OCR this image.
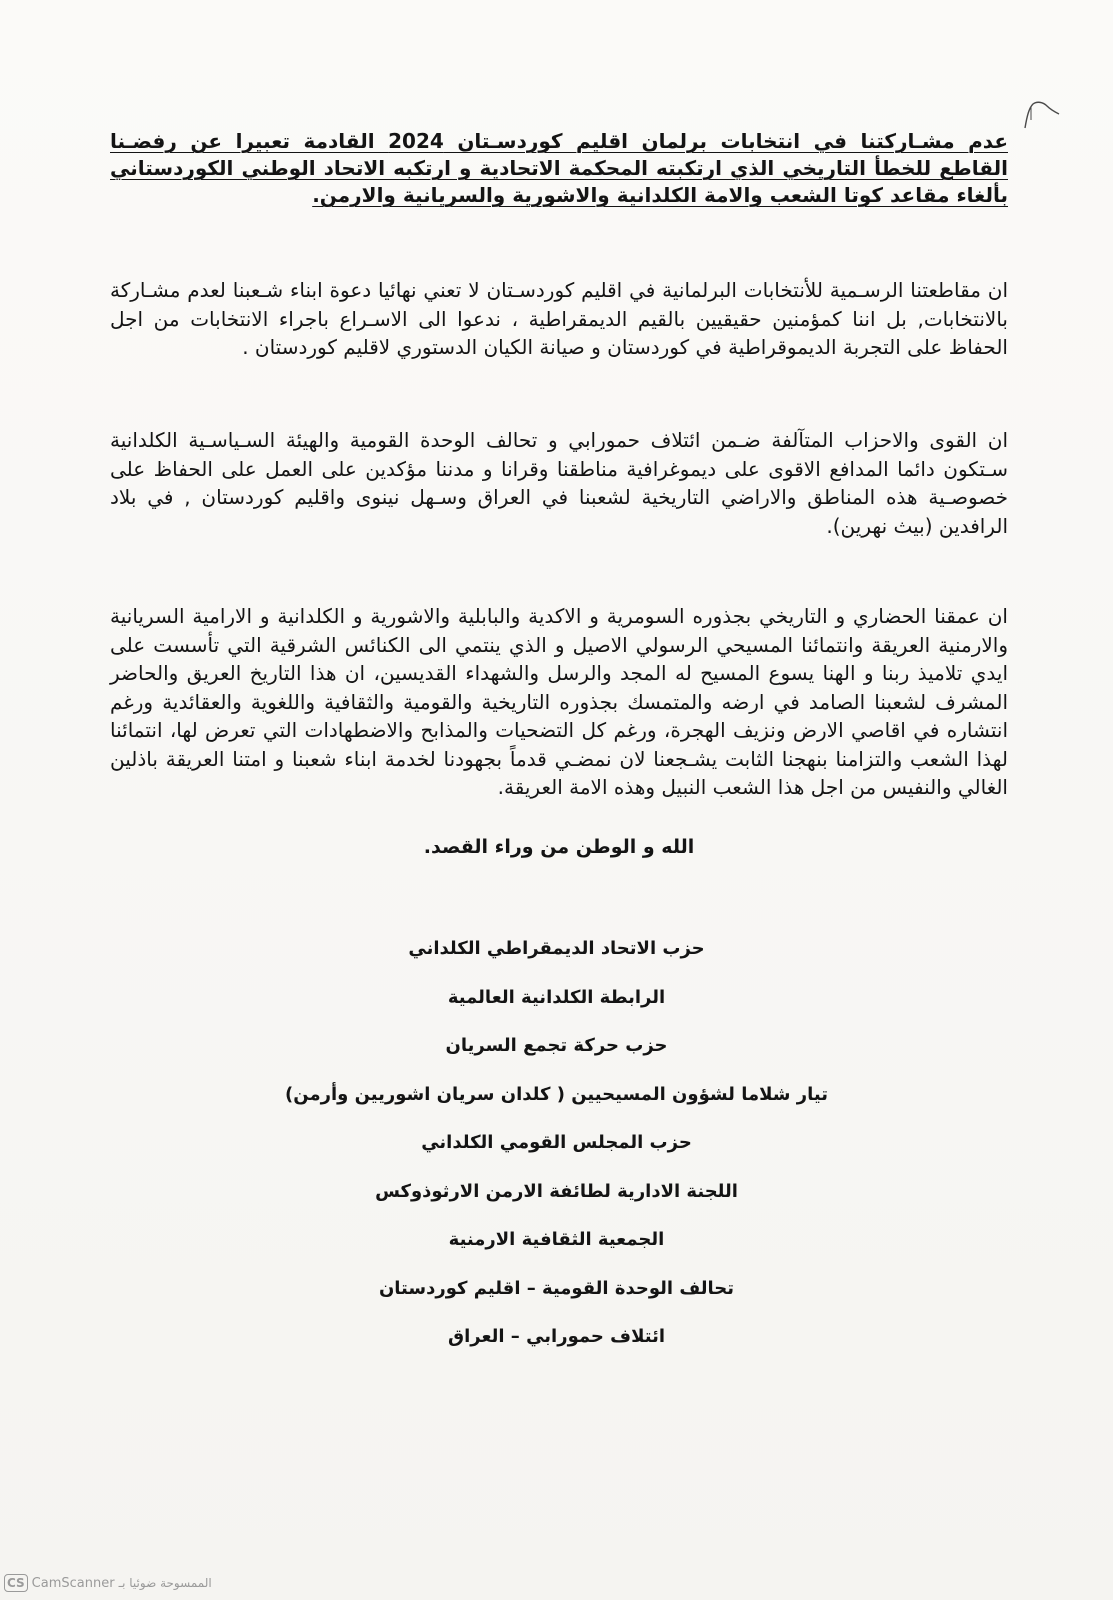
عدم مشـاركتنا في انتخابات برلمان اقليم كوردسـتان 2024 القادمة تعبيرا عن رفضـنا القاطع للخطأ التاريخي الذي ارتكبته المحكمة الاتحادية و ارتكبه الاتحاد الوطني الكوردستاني بألغاء مقاعد كوتا الشعب والامة الكلدانية والاشورية والسريانية والارمن.
ان مقاطعتنا الرسـمية للأنتخابات البرلمانية في اقليم كوردسـتان لا تعني نهائيا دعوة ابناء شـعبنا لعدم مشـاركة بالانتخابات, بل اننا كمؤمنين حقيقيين بالقيم الديمقراطية ، ندعوا الى الاسـراع باجراء الانتخابات من اجل الحفاظ على التجربة الديموقراطية في كوردستان و صيانة الكيان الدستوري لاقليم كوردستان .
ان القوى والاحزاب المتآلفة ضـمن ائتلاف حمورابي و تحالف الوحدة القومية والهيئة السـياسـية الكلدانية سـتكون دائما المدافع الاقوى على ديموغرافية مناطقنا وقرانا و مدننا مؤكدين على العمل على الحفاظ على خصوصـية هذه المناطق والاراضي التاريخية لشعبنا في العراق وسـهل نينوى واقليم كوردستان , في بلاد الرافدين (بيث نهرين).
ان عمقنا الحضاري و التاريخي بجذوره السومرية و الاكدية والبابلية والاشورية و الكلدانية و الارامية السريانية والارمنية العريقة وانتمائنا المسيحي الرسولي الاصيل و الذي ينتمي الى الكنائس الشرقية التي تأسست على ايدي تلاميذ ربنا و الهنا يسوع المسيح له المجد والرسل والشهداء القديسين، ان هذا التاريخ العريق والحاضر المشرف لشعبنا الصامد في ارضه والمتمسك بجذوره التاريخية والقومية والثقافية واللغوية والعقائدية ورغم انتشاره في اقاصي الارض ونزيف الهجرة، ورغم كل التضحيات والمذابح والاضطهادات التي تعرض لها، انتمائنا لهذا الشعب والتزامنا بنهجنا الثابت يشـجعنا لان نمضـي قدماً بجهودنا لخدمة ابناء شعبنا و امتنا العريقة باذلين الغالي والنفيس من اجل هذا الشعب النبيل وهذه الامة العريقة.
الله و الوطن من وراء القصد.
حزب الاتحاد الديمقراطي الكلداني
الرابطة الكلدانية العالمية
حزب حركة تجمع السريان
تيار شلاما لشؤون المسيحيين ( كلدان سريان اشوريين وأرمن)
حزب المجلس القومي الكلداني
اللجنة الادارية لطائفة الارمن الارثوذوكس
الجمعية الثقافية الارمنية
تحالف الوحدة القومية – اقليم كوردستان
ائتلاف حمورابي – العراق
CS CamScanner الممسوحة ضوئيا بـ
